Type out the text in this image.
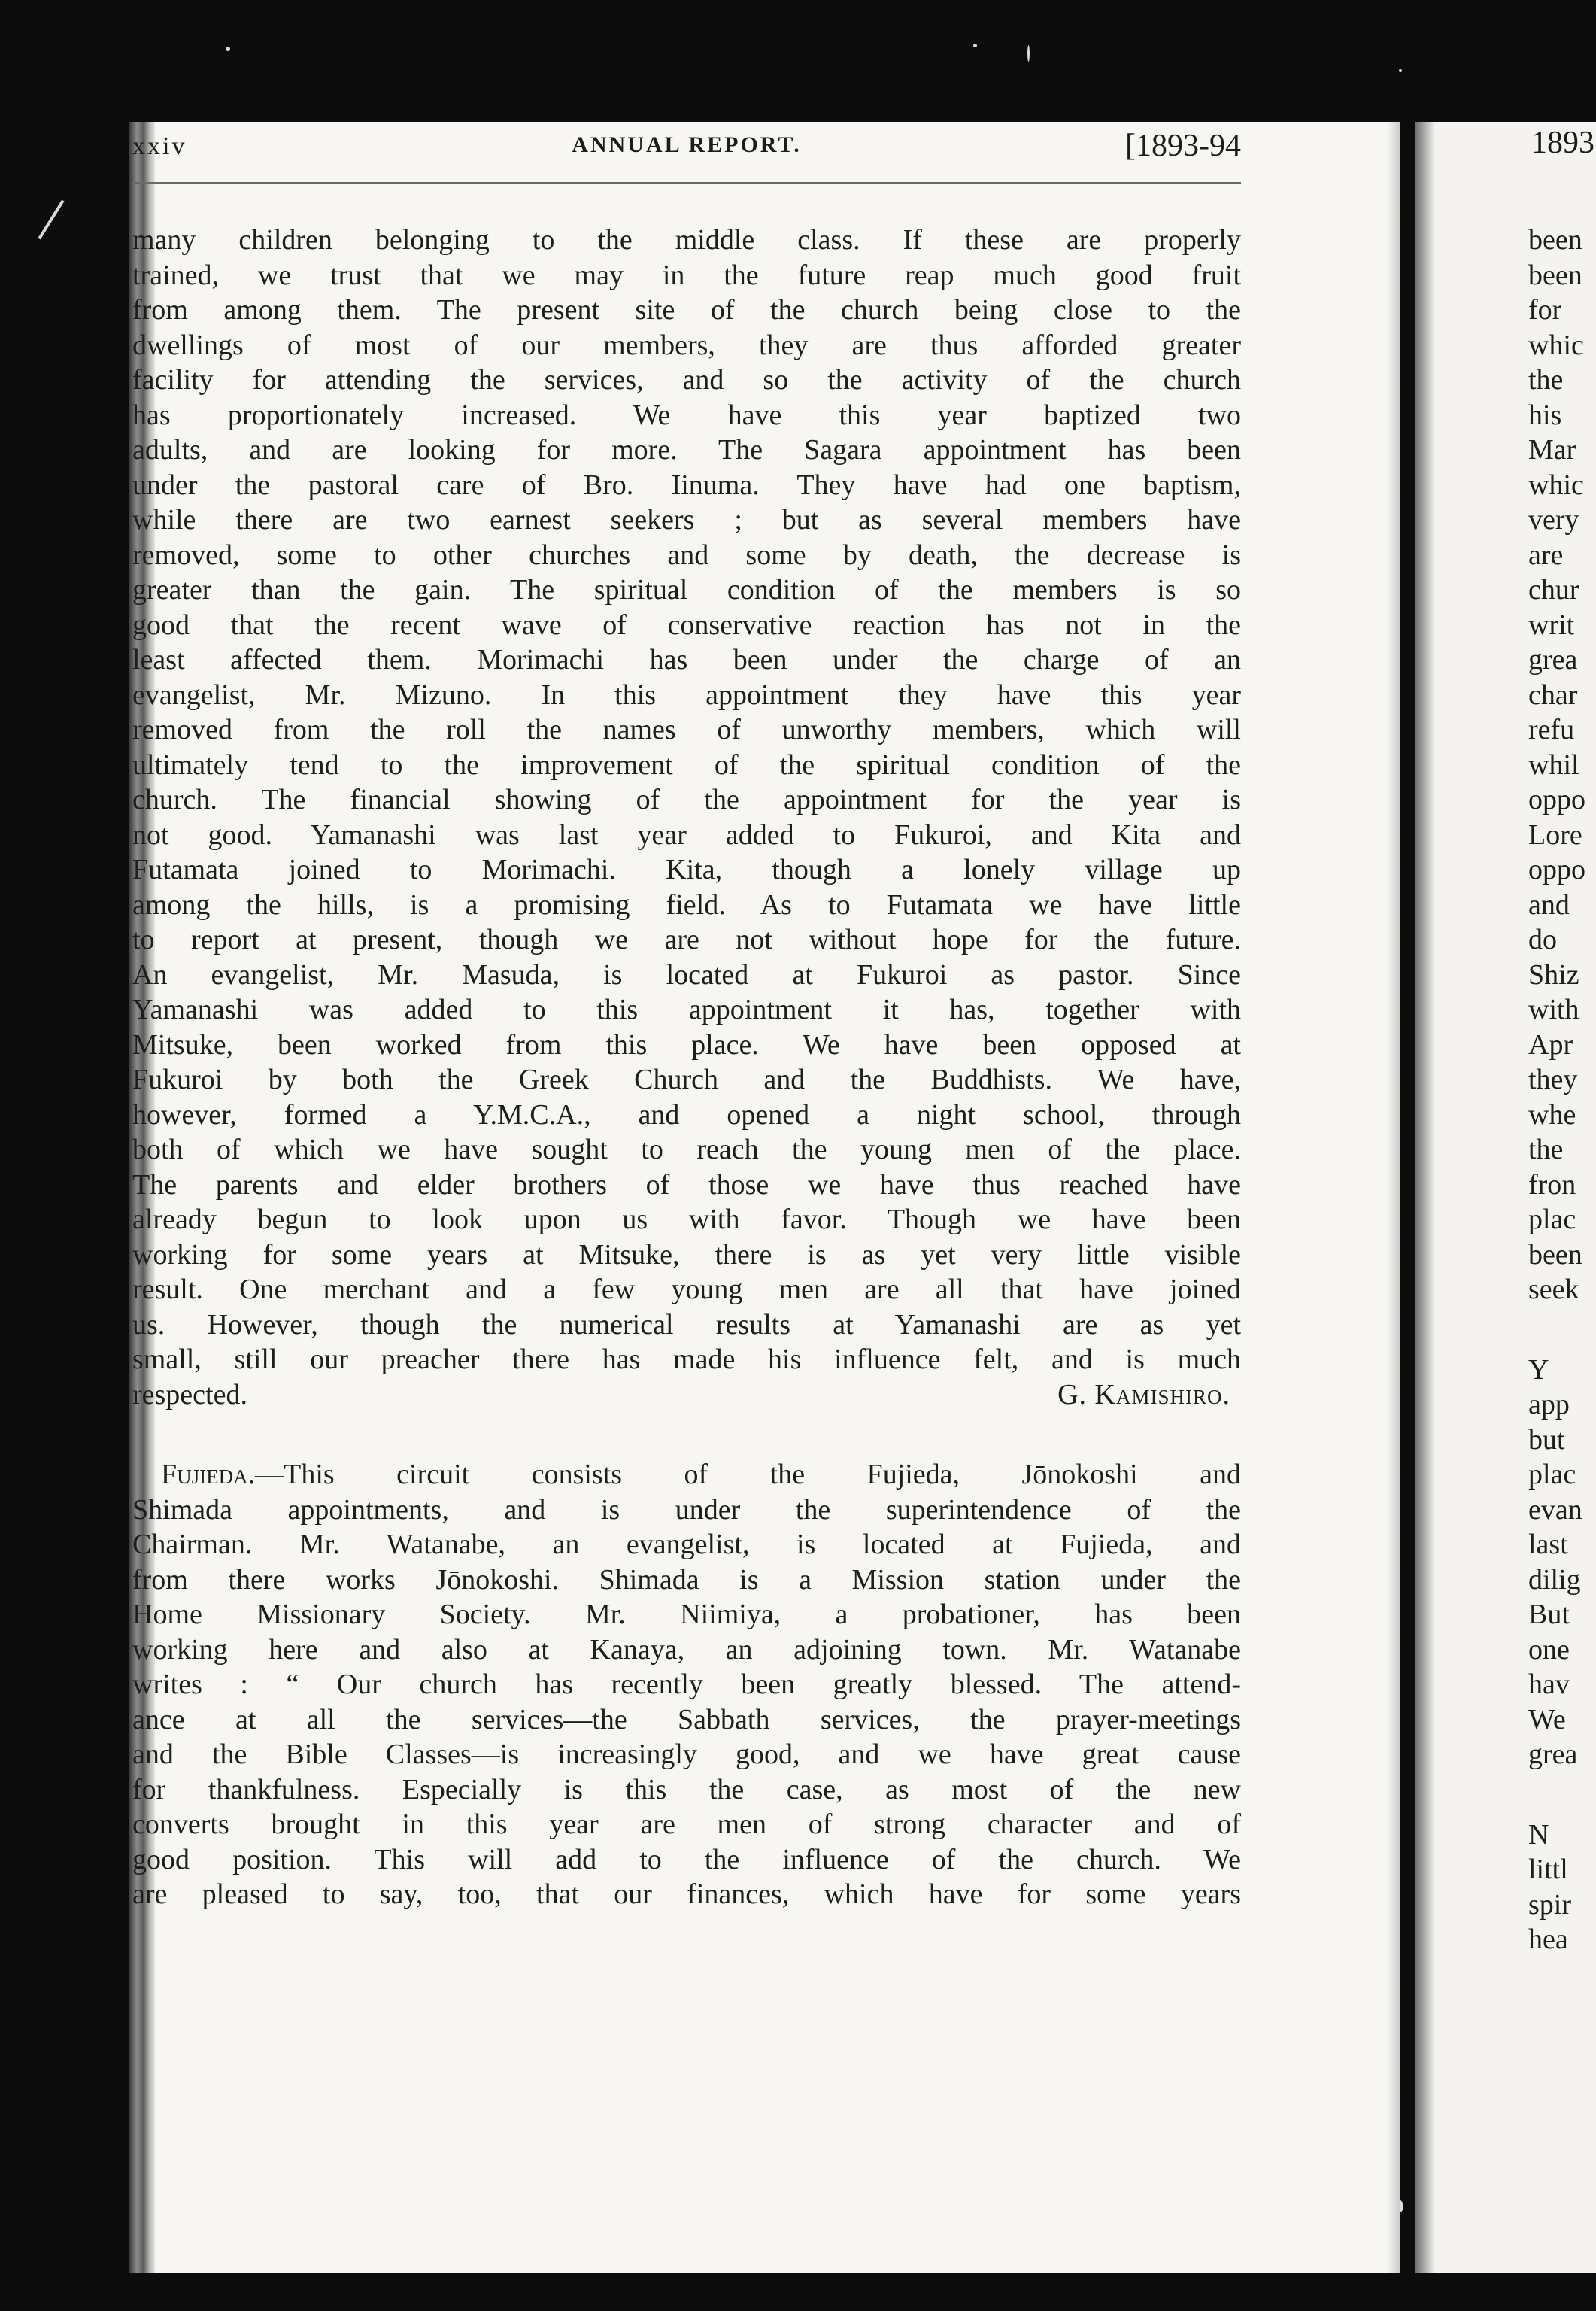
xxiv	ANNUAL REPORT.	[1893-94
many children belonging to the middle class. If these are properly
trained, we trust that we may in the future reap much good fruit
from among them. The present site of the church being close to the
dwellings of most of our members, they are thus afforded greater
facility for attending the services, and so the activity of the church
has proportionately increased. We have this year baptized two
adults, and are looking for more. The Sagara appointment has been
under the pastoral care of Bro. Iinuma. They have had one baptism,
while there are two earnest seekers ; but as several members have
removed, some to other churches and some by death, the decrease is
greater than the gain. The spiritual condition of the members is so
good that the recent wave of conservative reaction has not in the
least affected them. Morimachi has been under the charge of an
evangelist, Mr. Mizuno. In this appointment they have this year
removed from the roll the names of unworthy members, which will
ultimately tend to the improvement of the spiritual condition of the
church. The financial showing of the appointment for the year is
not good. Yamanashi was last year added to Fukuroi, and Kita and
Futamata joined to Morimachi. Kita, though a lonely village up
among the hills, is a promising field. As to Futamata we have little
to report at present, though we are not without hope for the future.
An evangelist, Mr. Masuda, is located at Fukuroi as pastor. Since
Yamanashi was added to this appointment it has, together with
Mitsuke, been worked from this place. We have been opposed at
Fukuroi by both the Greek Church and the Buddhists. We have,
however, formed a Y.M.C.A., and opened a night school, through
both of which we have sought to reach the young men of the place.
The parents and elder brothers of those we have thus reached have
already begun to look upon us with favor. Though we have been
working for some years at Mitsuke, there is as yet very little visible
result. One merchant and a few young men are all that have joined
us. However, though the numerical results at Yamanashi are as yet
small, still our preacher there has made his influence felt, and is much
respected.	G. Kamishiro.
 Fujieda.—This circuit consists of the Fujieda, Jōnokoshi and
Shimada appointments, and is under the superintendence of the
Chairman. Mr. Watanabe, an evangelist, is located at Fujieda, and
from there works Jōnokoshi. Shimada is a Mission station under the
Home Missionary Society. Mr. Niimiya, a probationer, has been
working here and also at Kanaya, an adjoining town. Mr. Watanabe
writes : “ Our church has recently been greatly blessed. The attend-
ance at all the services—the Sabbath services, the prayer-meetings
and the Bible Classes—is increasingly good, and we have great cause
for thankfulness. Especially is this the case, as most of the new
converts brought in this year are men of strong character and of
good position. This will add to the influence of the church. We
are pleased to say, too, that our finances, which have for some years
1893
been
been
for
whic
the
his
Mar
whic
very
are
chur
writ
grea
char
refu
whil
oppo
Lore
oppo
and
do
Shiz
with
Apr
they
whe
the
fron
plac
been
seek
Y
app
but
plac
evan
last
dilig
But
one
hav
We
grea
N
littl
spir
hea
